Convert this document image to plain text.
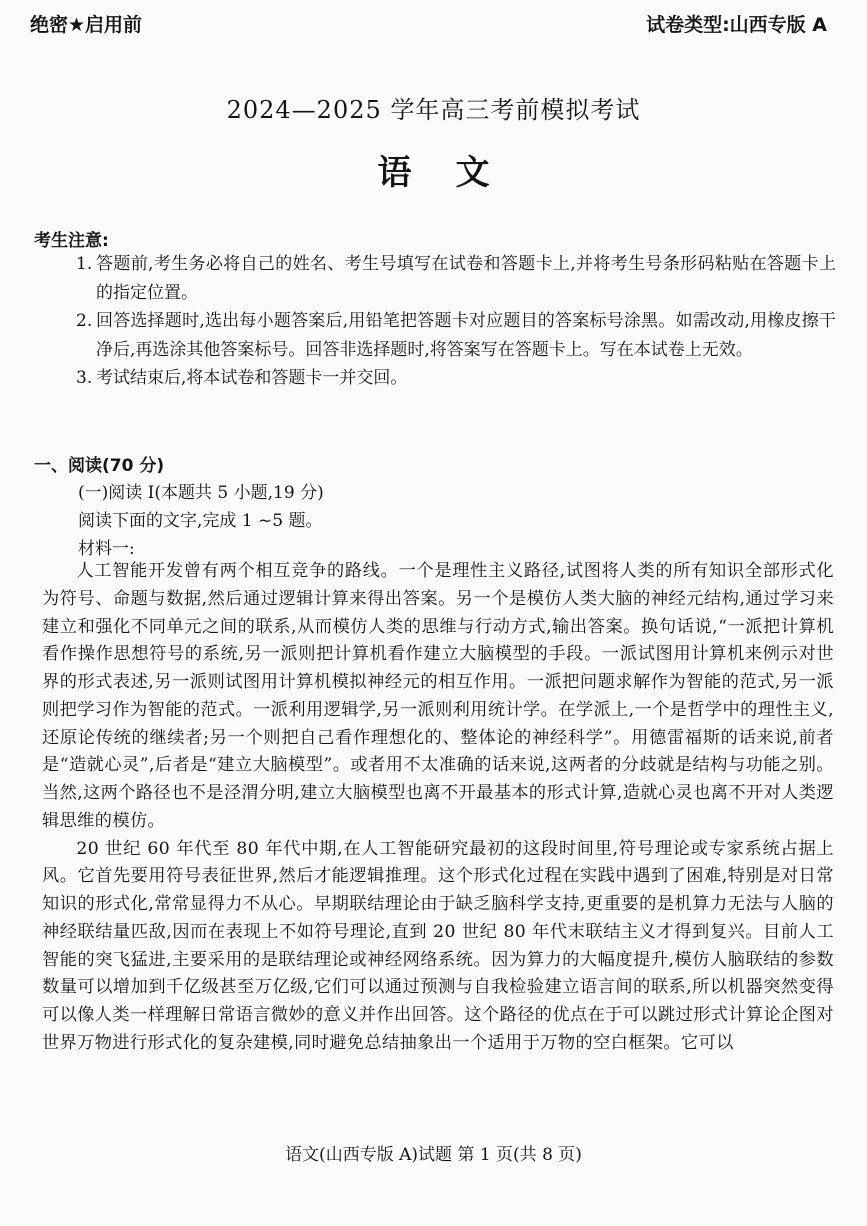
绝密★启用前	试卷类型:山西专版 A
2024—2025 学年高三考前模拟考试
语文
考生注意:
1. 答题前,考生务必将自己的姓名、考生号填写在试卷和答题卡上,并将考生号条形码粘贴在答题卡上的指定位置。
2. 回答选择题时,选出每小题答案后,用铅笔把答题卡对应题目的答案标号涂黑。如需改动,用橡皮擦干净后,再选涂其他答案标号。回答非选择题时,将答案写在答题卡上。写在本试卷上无效。
3. 考试结束后,将本试卷和答题卡一并交回。
一、阅读(70 分)
(一)阅读 I(本题共 5 小题,19 分)
阅读下面的文字,完成 1 ~5 题。
材料一:

人工智能开发曾有两个相互竞争的路线。一个是理性主义路径,试图将人类的所有知识全部形式化为符号、命题与数据,然后通过逻辑计算来得出答案。另一个是模仿人类大脑的神经元结构,通过学习来建立和强化不同单元之间的联系,从而模仿人类的思维与行动方式,输出答案。换句话说,“一派把计算机看作操作思想符号的系统,另一派则把计算机看作建立大脑模型的手段。一派试图用计算机来例示对世界的形式表述,另一派则试图用计算机模拟神经元的相互作用。一派把问题求解作为智能的范式,另一派则把学习作为智能的范式。一派利用逻辑学,另一派则利用统计学。在学派上,一个是哲学中的理性主义,还原论传统的继续者;另一个则把自己看作理想化的、整体论的神经科学”。用德雷福斯的话来说,前者是“造就心灵”,后者是“建立大脑模型”。或者用不太准确的话来说,这两者的分歧就是结构与功能之别。当然,这两个路径也不是泾渭分明,建立大脑模型也离不开最基本的形式计算,造就心灵也离不开对人类逻辑思维的模仿。

20 世纪 60 年代至 80 年代中期,在人工智能研究最初的这段时间里,符号理论或专家系统占据上风。它首先要用符号表征世界,然后才能逻辑推理。这个形式化过程在实践中遇到了困难,特别是对日常知识的形式化,常常显得力不从心。早期联结理论由于缺乏脑科学支持,更重要的是机算力无法与人脑的神经联结量匹敌,因而在表现上不如符号理论,直到 20 世纪 80 年代末联结主义才得到复兴。目前人工智能的突飞猛进,主要采用的是联结理论或神经网络系统。因为算力的大幅度提升,模仿人脑联结的参数数量可以增加到千亿级甚至万亿级,它们可以通过预测与自我检验建立语言间的联系,所以机器突然变得可以像人类一样理解日常语言微妙的意义并作出回答。这个路径的优点在于可以跳过形式计算论企图对世界万物进行形式化的复杂建模,同时避免总结抽象出一个适用于万物的空白框架。它可以

语文(山西专版 A)试题 第 1 页(共 8 页)
